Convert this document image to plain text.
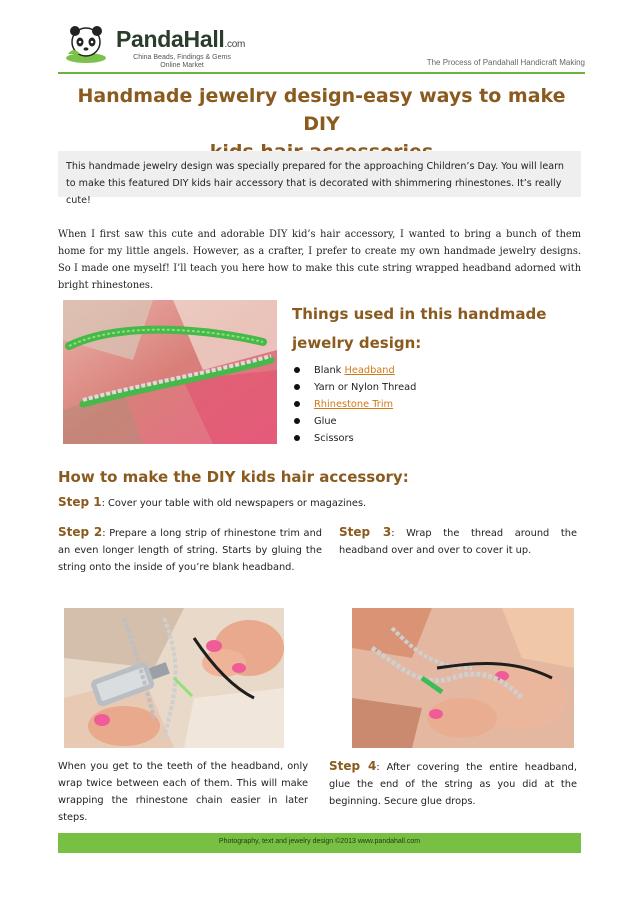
PandaHall.com
China Beads, Findings & Gems
Online Market	The Process of Pandahall Handicraft Making
Handmade jewelry design-easy ways to make DIY
This handmade jewelry design was specially prepared for the approaching Children’s Day. You will learn to make this featured DIY kids hair accessory that is decorated with shimmering rhinestones. It’s really cute!
When I first saw this cute and adorable DIY kid’s hair accessory, I wanted to bring a bunch of them home for my little angels. However, as a crafter, I prefer to create my own handmade jewelry designs. So I made one myself! I’ll teach you here how to make this cute string wrapped headband adorned with bright rhinestones.
Things used in this handmade
jewelry design:
Blank Headband
Yarn or Nylon Thread
Rhinestone Trim
Glue
Scissors
How to make the DIY kids hair accessory:
Step 1: Cover your table with old newspapers or magazines.
Step 2: Prepare a long strip of rhinestone trim and an even longer length of string. Starts by gluing the string onto the inside of you’re blank headband.
Step 3: Wrap the thread around the headband over and over to cover it up.
When you get to the teeth of the headband, only wrap twice between each of them. This will make wrapping the rhinestone chain easier in later steps.
Step 4: After covering the entire headband, glue the end of the string as you did at the beginning. Secure glue drops.
Photography, text and jewelry design ©2013 www.pandahall.com
